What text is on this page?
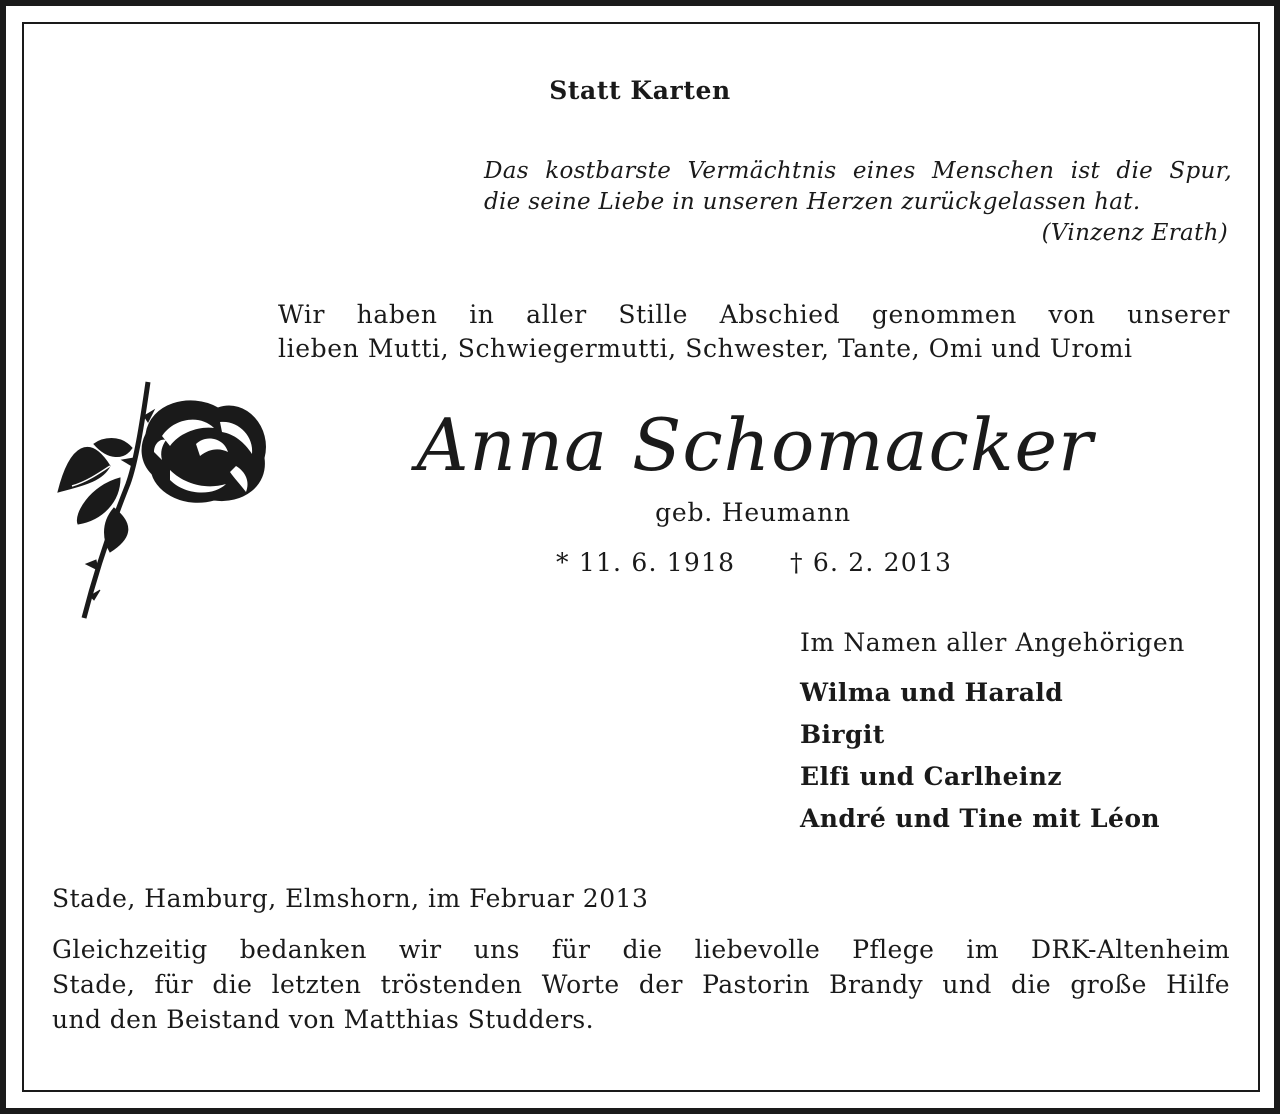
Statt Karten
Das kostbarste Vermächtnis eines Menschen ist die Spur,
die seine Liebe in unseren Herzen zurückgelassen hat.
(Vinzenz Erath)
Wir haben in aller Stille Abschied genommen von unserer
lieben Mutti, Schwiegermutti, Schwester, Tante, Omi und Uromi
Anna Schomacker
geb. Heumann
* 11. 6. 1918 † 6. 2. 2013
Im Namen aller Angehörigen
Wilma und Harald
Birgit
Elfi und Carlheinz
André und Tine mit Léon
Stade, Hamburg, Elmshorn, im Februar 2013
Gleichzeitig bedanken wir uns für die liebevolle Pflege im DRK-Altenheim
Stade, für die letzten tröstenden Worte der Pastorin Brandy und die große Hilfe
und den Beistand von Matthias Studders.
